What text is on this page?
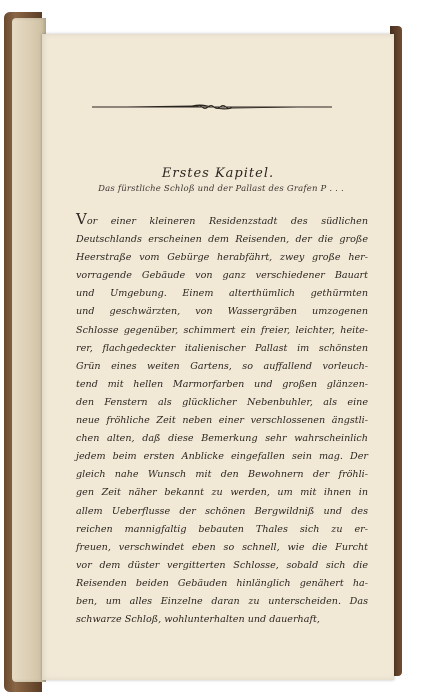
Erstes Kapitel.
Das fürstliche Schloß und der Pallast des Grafen P . . .
Vor einer kleineren Residenzstadt des südlichen
Deutschlands erscheinen dem Reisenden, der die große
Heerstraße vom Gebürge herabfährt, zwey große her-
vorragende Gebäude von ganz verschiedener Bauart
und Umgebung. Einem alterthümlich gethürmten
und geschwärzten, von Wassergräben umzogenen
Schlosse gegenüber, schimmert ein freier, leichter, heite-
rer, flachgedeckter italienischer Pallast im schönsten
Grün eines weiten Gartens, so auffallend vorleuch-
tend mit hellen Marmorfarben und großen glänzen-
den Fenstern als glücklicher Nebenbuhler, als eine
neue fröhliche Zeit neben einer verschlossenen ängstli-
chen alten, daß diese Bemerkung sehr wahrscheinlich
jedem beim ersten Anblicke eingefallen sein mag. Der
gleich nahe Wunsch mit den Bewohnern der fröhli-
gen Zeit näher bekannt zu werden, um mit ihnen in
allem Ueberflusse der schönen Bergwildniß und des
reichen mannigfaltig bebauten Thales sich zu er-
freuen, verschwindet eben so schnell, wie die Furcht
vor dem düster vergitterten Schlosse, sobald sich die
Reisenden beiden Gebäuden hinlänglich genähert ha-
ben, um alles Einzelne daran zu unterscheiden. Das
schwarze Schloß, wohlunterhalten und dauerhaft,
